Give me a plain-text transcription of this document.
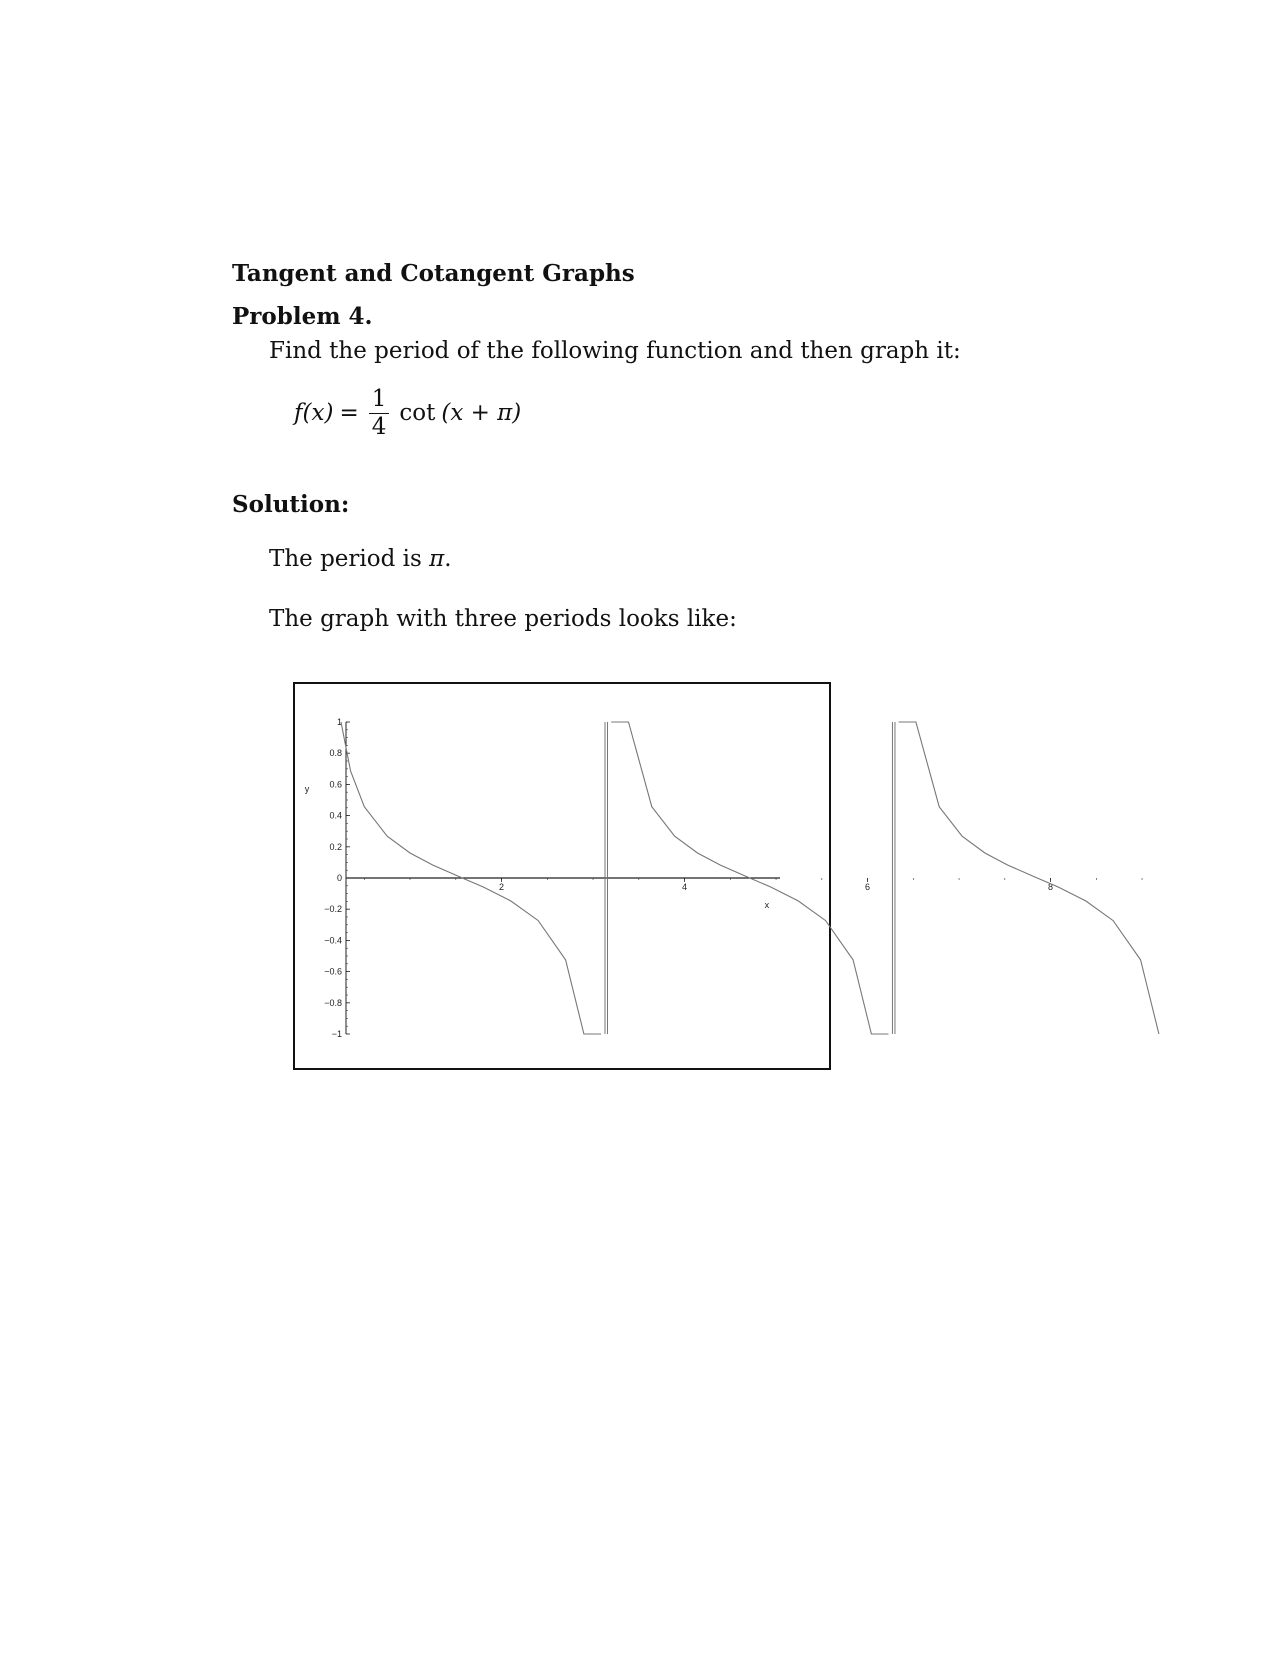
Tangent and Cotangent Graphs
Problem 4.
Find the period of the following function and then graph it:
$f(x) = \frac{1}{4}$ cot (x + π)
Solution:
The period is π.
The graph with three periods looks like:
1
0.8
0.6
0.4
0.2
0
−0.2
−0.4
−0.6
−0.8
−1
2	4	6	8
x
y
